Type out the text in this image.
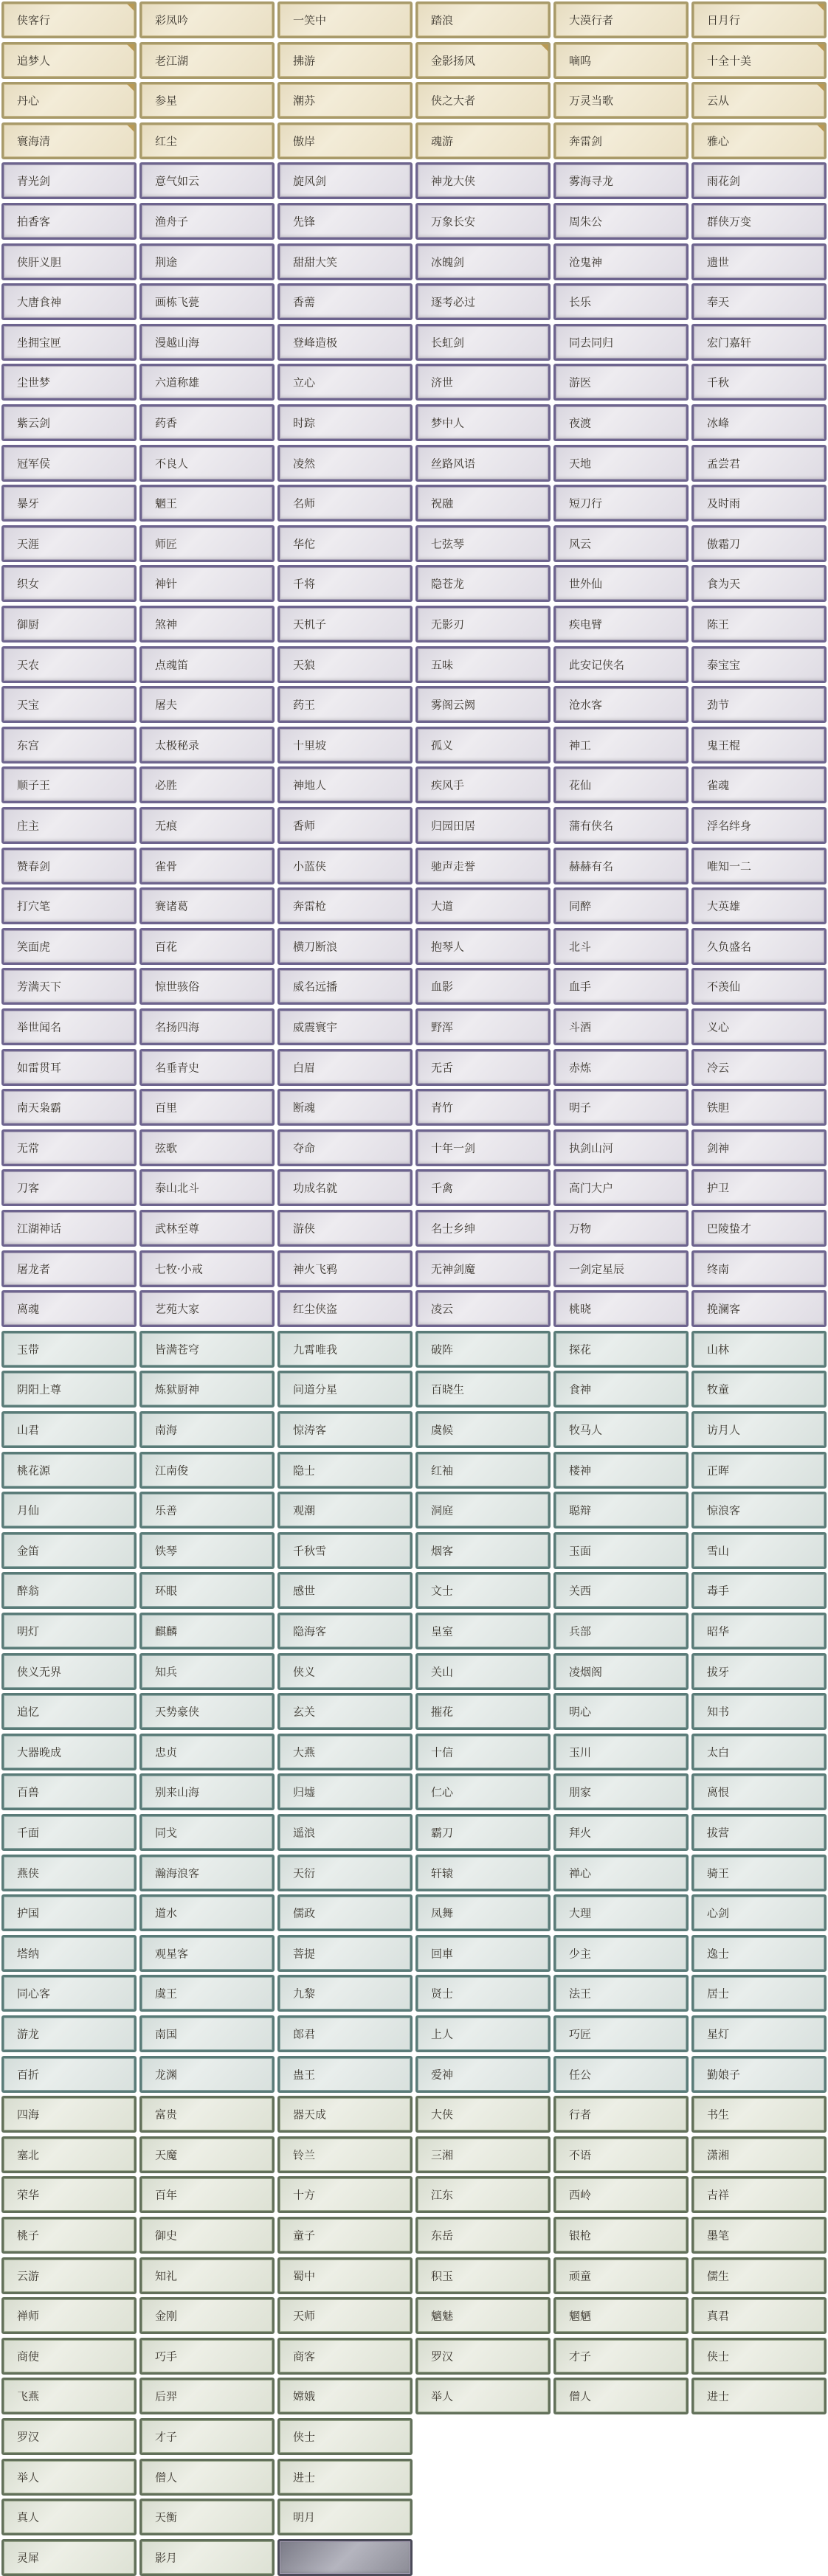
侠客行	彩凤吟	一笑中	踏浪	大漠行者	日月行
追梦人	老江湖	拂游	金影扬风	嘀呜	十全十美
丹心	参星	潮苏	侠之大者	万灵当歌	云从
寰海清	红尘	傲岸	魂游	奔雷剑	雅心
青光剑	意气如云	旋风剑	神龙大侠	雾海寻龙	雨花剑
拍香客	渔舟子	先锋	万象长安	周朱公	群侠万变
侠肝义胆	荆途	甜甜大笑	冰魄剑	沧鬼神	遗世
大唐食神	画栋飞甍	香薷	逐考必过	长乐	奉天
坐拥宝匣	漫越山海	登峰造极	长虹剑	同去同归	宏门嘉轩
尘世梦	六道称雄	立心	济世	游医	千秋
紫云剑	药香	时踪	梦中人	夜渡	冰峰
冠军侯	不良人	凌然	丝路风语	天地	孟尝君
暴牙	魍王	名师	祝融	短刀行	及时雨
天涯	师匠	华佗	七弦琴	风云	傲霜刀
织女	神针	千将	隐苍龙	世外仙	食为天
御厨	煞神	天机子	无影刃	疾电臂	陈王
天农	点魂笛	天狼	五味	此安记侠名	泰宝宝
天宝	屠夫	药王	雾阁云阙	沧水客	劲节
东宫	太极秘录	十里坡	孤义	神工	鬼王棍
顺子王	必胜	神地人	疾风手	花仙	雀魂
庄主	无痕	香师	归园田居	蒲有侠名	浮名绊身
赞春剑	雀骨	小蓝侠	驰声走誉	赫赫有名	唯知一二
打穴笔	赛诸葛	奔雷枪	大道	同醉	大英雄
笑面虎	百花	横刀断浪	抱琴人	北斗	久负盛名
芳满天下	惊世骇俗	威名远播	血影	血手	不羡仙
举世闻名	名扬四海	威震寰宇	野浑	斗酒	义心
如雷贯耳	名垂青史	白眉	无舌	赤炼	冷云
南天枭霸	百里	断魂	青竹	明子	铁胆
无常	弦歌	夺命	十年一剑	执剑山河	剑神
刀客	泰山北斗	功成名就	千禽	高门大户	护卫
江湖神话	武林至尊	游侠	名士乡绅	万物	巴陵蛰才
屠龙者	七牧·小戒	神火飞鸦	无神剑魔	一剑定星辰	终南
离魂	艺苑大家	红尘侠盗	凌云	桃晓	挽澜客
玉带	皆满苍穹	九霄唯我	破阵	探花	山林
阴阳上尊	炼狱厨神	问道分星	百晓生	食神	牧童
山君	南海	惊涛客	虞候	牧马人	访月人
桃花源	江南俊	隐士	红袖	楼神	正晖
月仙	乐善	观潮	洞庭	聪辩	惊浪客
金笛	铁琴	千秋雪	烟客	玉面	雪山
醉翁	环眼	感世	文士	关西	毒手
明灯	麒麟	隐海客	皇室	兵部	昭华
侠义无界	知兵	侠义	关山	凌烟阁	拔牙
追忆	天势豪侠	玄关	摧花	明心	知书
大器晚成	忠贞	大燕	十信	玉川	太白
百兽	别来山海	归墟	仁心	朋家	离恨
千面	同戈	遥浪	霸刀	拜火	拔营
燕侠	瀚海浪客	天衍	轩辕	禅心	骑王
护国	道水	儒政	凤舞	大理	心剑
塔纳	观星客	菩提	回車	少主	逸士
同心客	虞王	九黎	贤士	法王	居士
游龙	南国	郎君	上人	巧匠	星灯
百折	龙渊	蛊王	爱神	任公	勤娘子
四海	富贵	器天成	大侠	行者	书生
塞北	天魔	铃兰	三湘	不语	潇湘
荣华	百年	十方	江东	西岭	吉祥
桃子	御史	童子	东岳	银枪	墨笔
云游	知礼	蜀中	积玉	顽童	儒生
禅师	金刚	天师	魑魅	魍魉	真君
商使	巧手	商客	罗汉	才子	侠士
飞燕	后羿	嫦娥	举人	僧人	进士
罗汉	才子	侠士
举人	僧人	进士
真人	天衡	明月
灵犀	影月
